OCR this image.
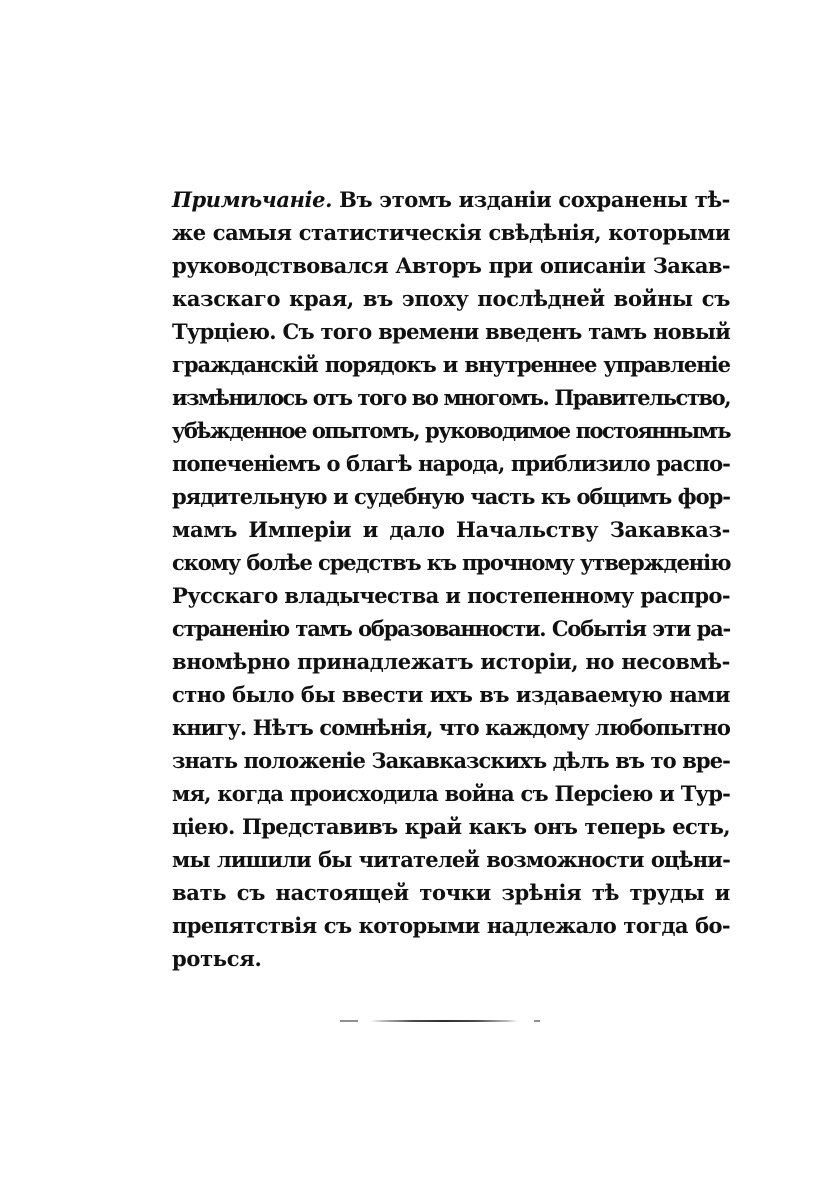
Примѣчаніе. Въ этомъ изданіи сохранены тѣ-
же самыя статистическія свѣдѣнія, которыми
руководствовался Авторъ при описаніи Закав-
казскаго края, въ эпоху послѣдней войны съ
Турціею. Съ того времени введенъ тамъ новый
гражданскій порядокъ и внутреннее управленіе
измѣнилось отъ того во многомъ. Правительство,
убѣжденное опытомъ, руководимое постояннымъ
попеченіемъ о благѣ народа, приблизило распо-
рядительную и судебную часть къ общимъ фор-
мамъ Имперіи и дало Начальству Закавказ-
скому болѣе средствъ къ прочному утвержденію
Русскаго владычества и постепенному распро-
страненію тамъ образованности. Событія эти ра-
вномѣрно принадлежатъ исторіи, но несовмѣ-
стно было бы ввести ихъ въ издаваемую нами
книгу. Нѣтъ сомнѣнія, что каждому любопытно
знать положеніе Закавказскихъ дѣлъ въ то вре-
мя, когда происходила война съ Персіею и Тур-
ціею. Представивъ край какъ онъ теперь есть,
мы лишили бы читателей возможности оцѣни-
вать съ настоящей точки зрѣнія тѣ труды и
препятствія съ которыми надлежало тогда бо-
роться.
